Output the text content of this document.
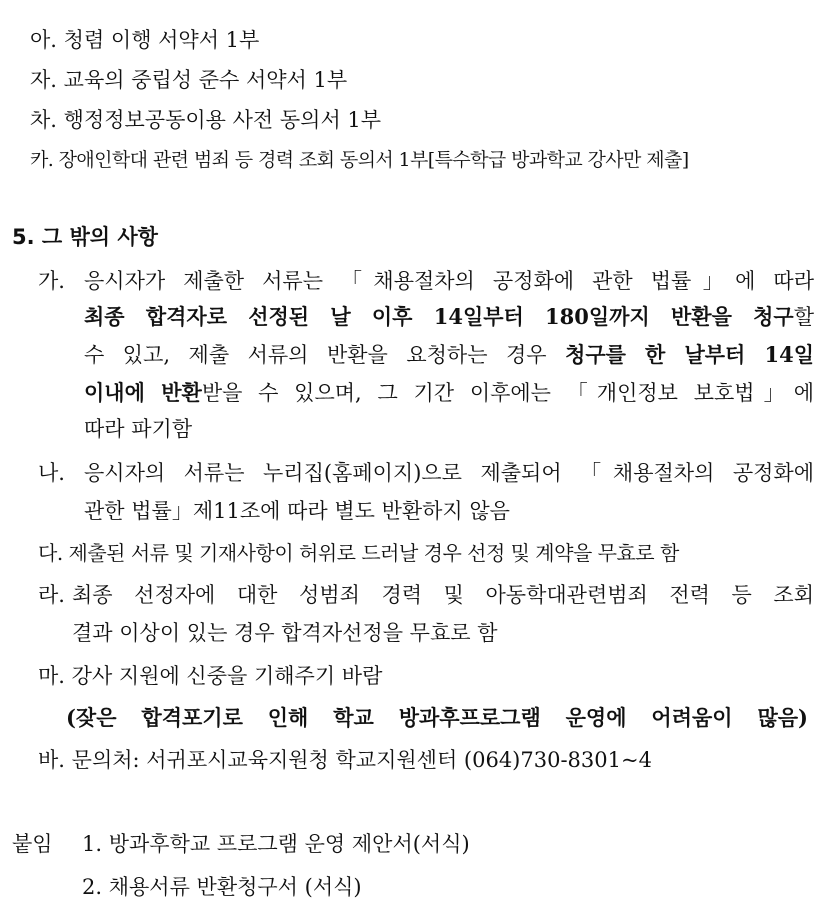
아. 청렴 이행 서약서 1부
자. 교육의 중립성 준수 서약서 1부
차. 행정정보공동이용 사전 동의서 1부
카. 장애인학대 관련 범죄 등 경력 조회 동의서 1부[특수학급 방과학교 강사만 제출]
5. 그 밖의 사항
가. 응시자가 제출한 서류는 「채용절차의 공정화에 관한 법률」에 따라
최종 합격자로 선정된 날 이후 14일부터 180일까지 반환을 청구할
수 있고, 제출 서류의 반환을 요청하는 경우 청구를 한 날부터 14일
이내에 반환받을 수 있으며, 그 기간 이후에는 「개인정보 보호법」에
따라 파기함
나. 응시자의 서류는 누리집(홈페이지)으로 제출되어 「채용절차의 공정화에
관한 법률」제11조에 따라 별도 반환하지 않음
다. 제출된 서류 및 기재사항이 허위로 드러날 경우 선정 및 계약을 무효로 함
라. 최종 선정자에 대한 성범죄 경력 및 아동학대관련범죄 전력 등 조회
결과 이상이 있는 경우 합격자선정을 무효로 함
마. 강사 지원에 신중을 기해주기 바람
(잦은 합격포기로 인해 학교 방과후프로그램 운영에 어려움이 많음)
바. 문의처: 서귀포시교육지원청 학교지원센터 (064)730-8301~4
붙임 1. 방과후학교 프로그램 운영 제안서(서식)
2. 채용서류 반환청구서 (서식)
